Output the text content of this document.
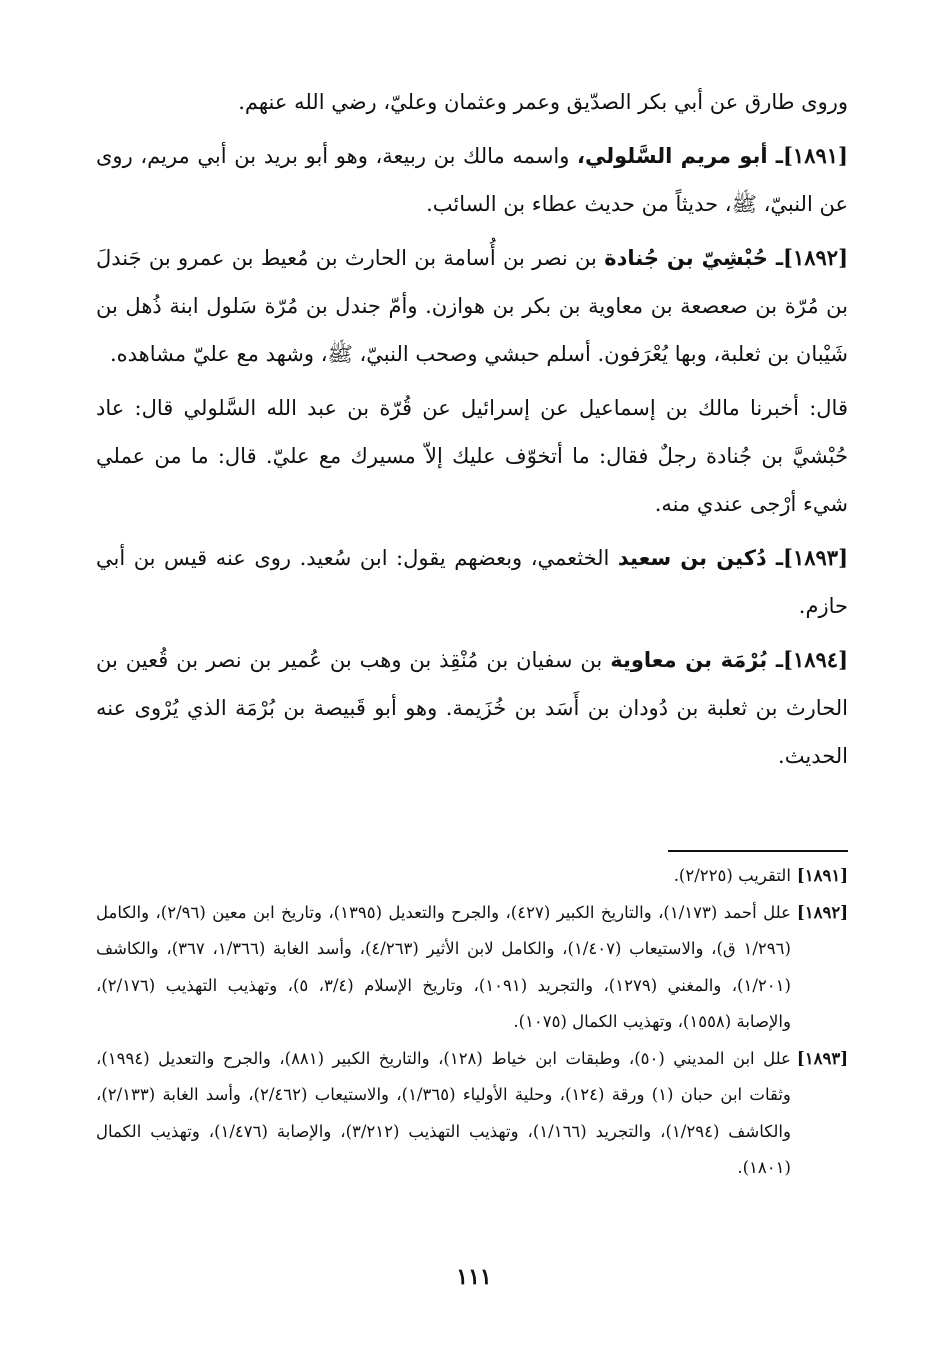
وروى طارق عن أبي بكر الصدّيق وعمر وعثمان وعليّ، رضي الله عنهم.

[١٨٩١]ـ أبو مريم السَّلولي، واسمه مالك بن ربيعة، وهو أبو بريد بن أبي مريم، روى عن النبيّ، ﷺ، حديثاً من حديث عطاء بن السائب.

[١٨٩٢]ـ حُبْشِيّ بن جُنادة بن نصر بن أُسامة بن الحارث بن مُعيط بن عمرو بن جَندلَ بن مُرّة بن صعصعة بن معاوية بن بكر بن هوازن. وأمّ جندل بن مُرّة سَلول ابنة ذُهل بن شَيْبان بن ثعلبة، وبها يُعْرَفون. أسلم حبشي وصحب النبيّ، ﷺ، وشهد مع عليّ مشاهده.

قال: أخبرنا مالك بن إسماعيل عن إسرائيل عن قُرّة بن عبد الله السَّلولي قال: عاد حُبْشيَّ بن جُنادة رجلٌ فقال: ما أتخوّف عليك إلاّ مسيرك مع عليّ. قال: ما من عملي شيء أرْجى عندي منه.

[١٨٩٣]ـ دُكين بن سعيد الخثعمي، وبعضهم يقول: ابن سُعيد. روى عنه قيس بن أبي حازم.

[١٨٩٤]ـ بُرْمَة بن معاوية بن سفيان بن مُنْقِذ بن وهب بن عُمير بن نصر بن قُعين بن الحارث بن ثعلبة بن دُودان بن أَسَد بن خُزَيمة. وهو أبو قَبيصة بن بُرْمَة الذي يُرْوى عنه الحديث.

[١٨٩١]
التقريب (٢/٢٢٥).
[١٨٩٢]
علل أحمد (١/١٧٣)، والتاريخ الكبير (٤٢٧)، والجرح والتعديل (١٣٩٥)، وتاريخ ابن معين (٢/٩٦)، والكامل (١/٢٩٦ ق)، والاستيعاب (١/٤٠٧)، والكامل لابن الأثير (٤/٢٦٣)، وأسد الغابة (١/٣٦٦، ٣٦٧)، والكاشف (١/٢٠١)، والمغني (١٢٧٩)، والتجريد (١٠٩١)، وتاريخ الإسلام (٣/٤، ٥)، وتهذيب التهذيب (٢/١٧٦)، والإصابة (١٥٥٨)، وتهذيب الكمال (١٠٧٥).
[١٨٩٣]
علل ابن المديني (٥٠)، وطبقات ابن خياط (١٢٨)، والتاريخ الكبير (٨٨١)، والجرح والتعديل (١٩٩٤)، وثقات ابن حبان (١) ورقة (١٢٤)، وحلية الأولياء (١/٣٦٥)، والاستيعاب (٢/٤٦٢)، وأسد الغابة (٢/١٣٣)، والكاشف (١/٢٩٤)، والتجريد (١/١٦٦)، وتهذيب التهذيب (٣/٢١٢)، والإصابة (١/٤٧٦)، وتهذيب الكمال (١٨٠١).
١١١
